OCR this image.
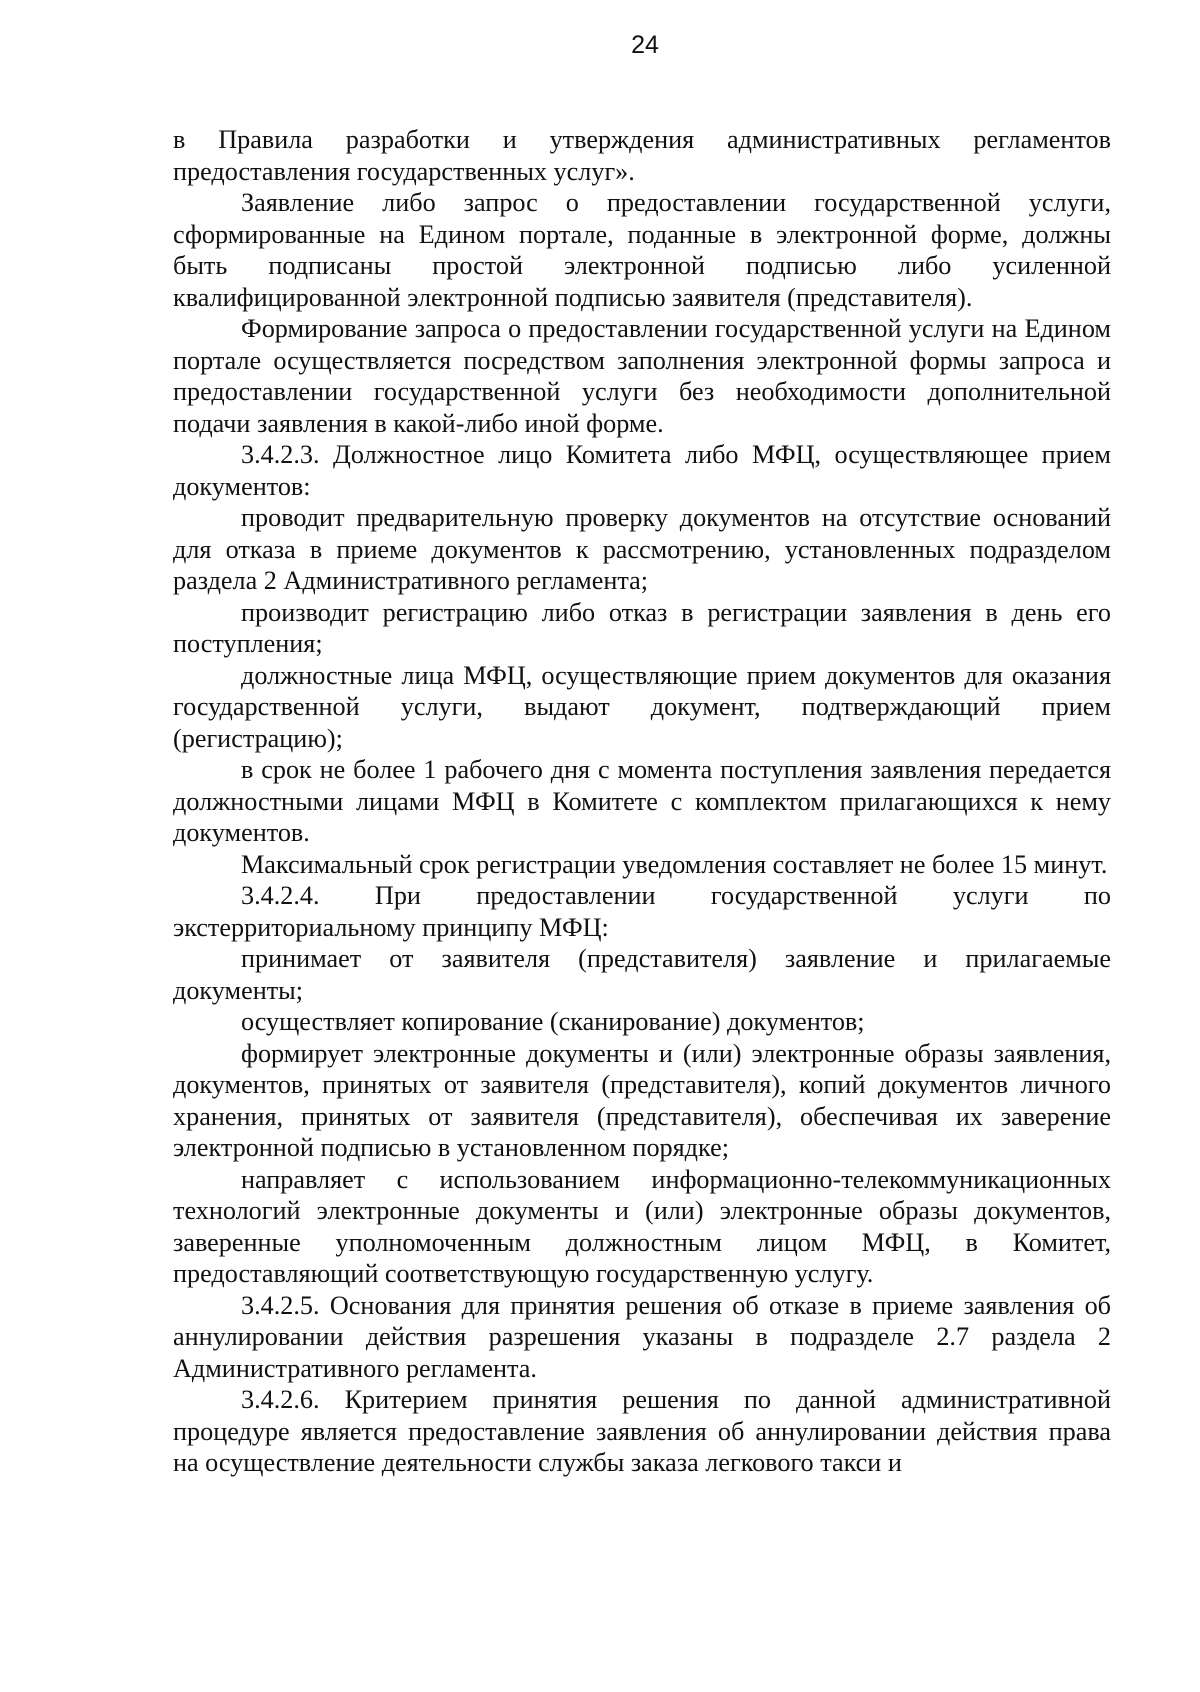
24

в Правила разработки и утверждения административных регламентов предоставления государственных услуг».

Заявление либо запрос о предоставлении государственной услуги, сформированные на Едином портале, поданные в электронной форме, должны быть подписаны простой электронной подписью либо усиленной квалифицированной электронной подписью заявителя (представителя).

Формирование запроса о предоставлении государственной услуги на Едином портале осуществляется посредством заполнения электронной формы запроса и предоставлении государственной услуги без необходимости дополнительной подачи заявления в какой-либо иной форме.

3.4.2.3. Должностное лицо Комитета либо МФЦ, осуществляющее прием документов:

проводит предварительную проверку документов на отсутствие оснований для отказа в приеме документов к рассмотрению, установленных подразделом раздела 2 Административного регламента;

производит регистрацию либо отказ в регистрации заявления в день его поступления;

должностные лица МФЦ, осуществляющие прием документов для оказания государственной услуги, выдают документ, подтверждающий прием (регистрацию);

в срок не более 1 рабочего дня с момента поступления заявления передается должностными лицами МФЦ в Комитете с комплектом прилагающихся к нему документов.

Максимальный срок регистрации уведомления составляет не более 15 минут.

3.4.2.4. При предоставлении государственной услуги по экстерриториальному принципу МФЦ:

принимает от заявителя (представителя) заявление и прилагаемые документы;

осуществляет копирование (сканирование) документов;

формирует электронные документы и (или) электронные образы заявления, документов, принятых от заявителя (представителя), копий документов личного хранения, принятых от заявителя (представителя), обеспечивая их заверение электронной подписью в установленном порядке;

направляет с использованием информационно-телекоммуникационных технологий электронные документы и (или) электронные образы документов, заверенные уполномоченным должностным лицом МФЦ, в Комитет, предоставляющий соответствующую государственную услугу.

3.4.2.5. Основания для принятия решения об отказе в приеме заявления об аннулировании действия разрешения указаны в подразделе 2.7 раздела 2 Административного регламента.

3.4.2.6. Критерием принятия решения по данной административной процедуре является предоставление заявления об аннулировании действия права на осуществление деятельности службы заказа легкового такси и
